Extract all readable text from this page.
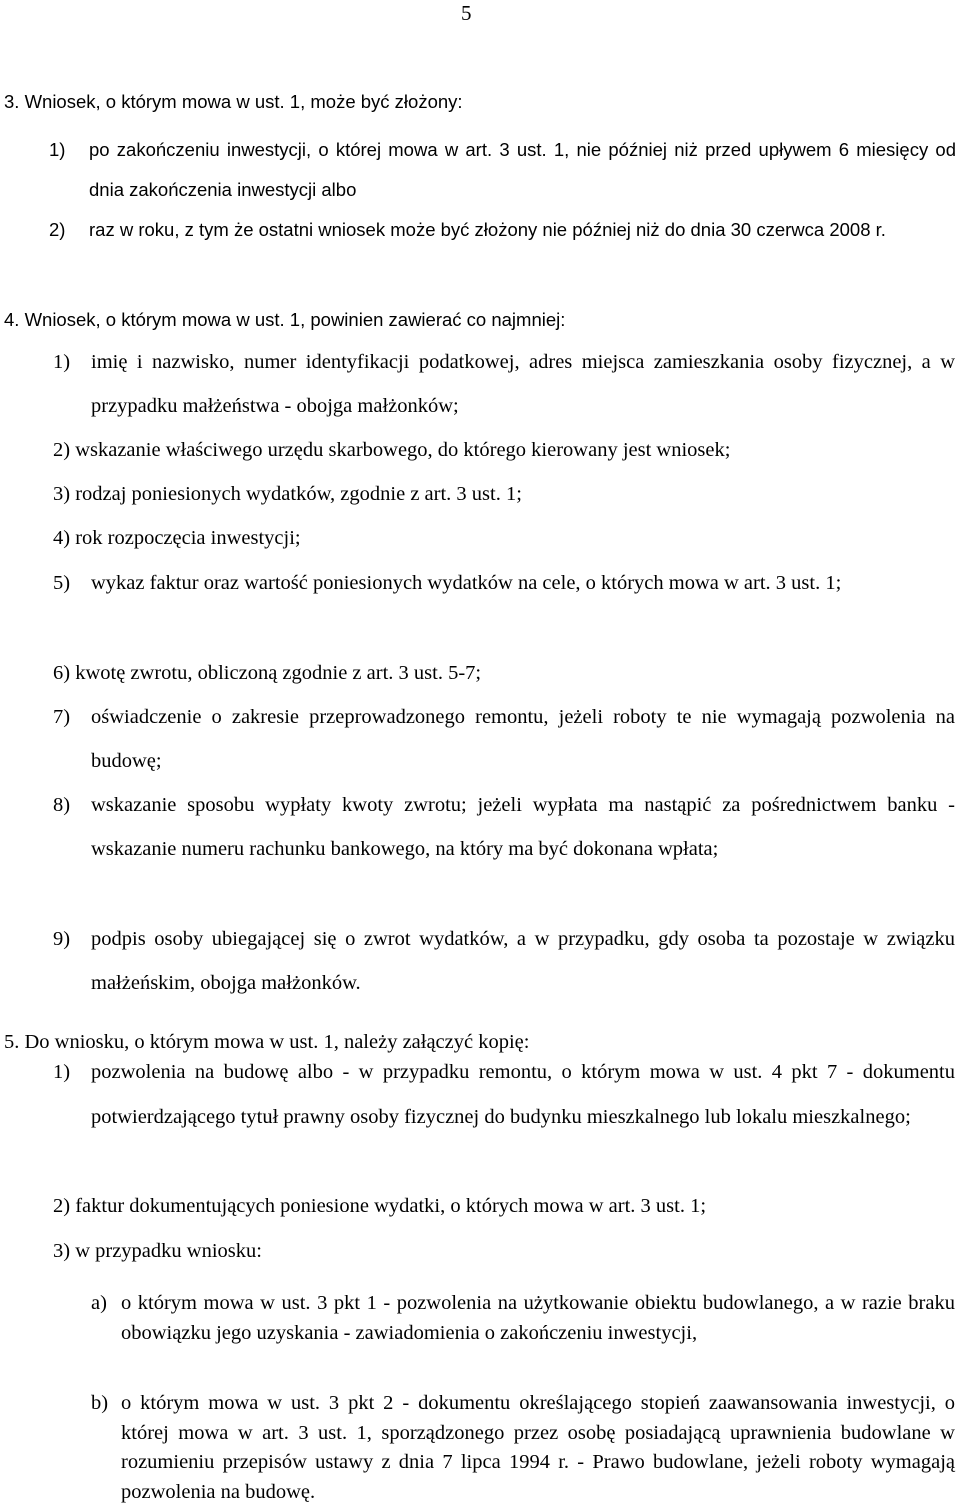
5
3. Wniosek, o którym mowa w ust. 1, może być złożony:
1) po zakończeniu inwestycji, o której mowa w art. 3 ust. 1, nie później niż przed upływem 6 miesięcy od dnia zakończenia inwestycji albo
2) raz w roku, z tym że ostatni wniosek może być złożony nie później niż do dnia 30 czerwca 2008 r.
4. Wniosek, o którym mowa w ust. 1, powinien zawierać co najmniej:
1) imię i nazwisko, numer identyfikacji podatkowej, adres miejsca zamieszkania osoby fizycznej, a w przypadku małżeństwa - obojga małżonków;
2) wskazanie właściwego urzędu skarbowego, do którego kierowany jest wniosek;
3) rodzaj poniesionych wydatków, zgodnie z art. 3 ust. 1;
4) rok rozpoczęcia inwestycji;
5) wykaz faktur oraz wartość poniesionych wydatków na cele, o których mowa w art. 3 ust. 1;
6) kwotę zwrotu, obliczoną zgodnie z art. 3 ust. 5-7;
7) oświadczenie o zakresie przeprowadzonego remontu, jeżeli roboty te nie wymagają pozwolenia na budowę;
8) wskazanie sposobu wypłaty kwoty zwrotu; jeżeli wypłata ma nastąpić za pośrednictwem banku - wskazanie numeru rachunku bankowego, na który ma być dokonana wpłata;
9) podpis osoby ubiegającej się o zwrot wydatków, a w przypadku, gdy osoba ta pozostaje w związku małżeńskim, obojga małżonków.
5. Do wniosku, o którym mowa w ust. 1, należy załączyć kopię:
1) pozwolenia na budowę albo - w przypadku remontu, o którym mowa w ust. 4 pkt 7 - dokumentu potwierdzającego tytuł prawny osoby fizycznej do budynku mieszkalnego lub lokalu mieszkalnego;
2) faktur dokumentujących poniesione wydatki, o których mowa w art. 3 ust. 1;
3) w przypadku wniosku:
a) o którym mowa w ust. 3 pkt 1 - pozwolenia na użytkowanie obiektu budowlanego, a w razie braku obowiązku jego uzyskania - zawiadomienia o zakończeniu inwestycji,
b) o którym mowa w ust. 3 pkt 2 - dokumentu określającego stopień zaawansowania inwestycji, o której mowa w art. 3 ust. 1, sporządzonego przez osobę posiadającą uprawnienia budowlane w rozumieniu przepisów ustawy z dnia 7 lipca 1994 r. - Prawo budowlane, jeżeli roboty wymagają pozwolenia na budowę.
